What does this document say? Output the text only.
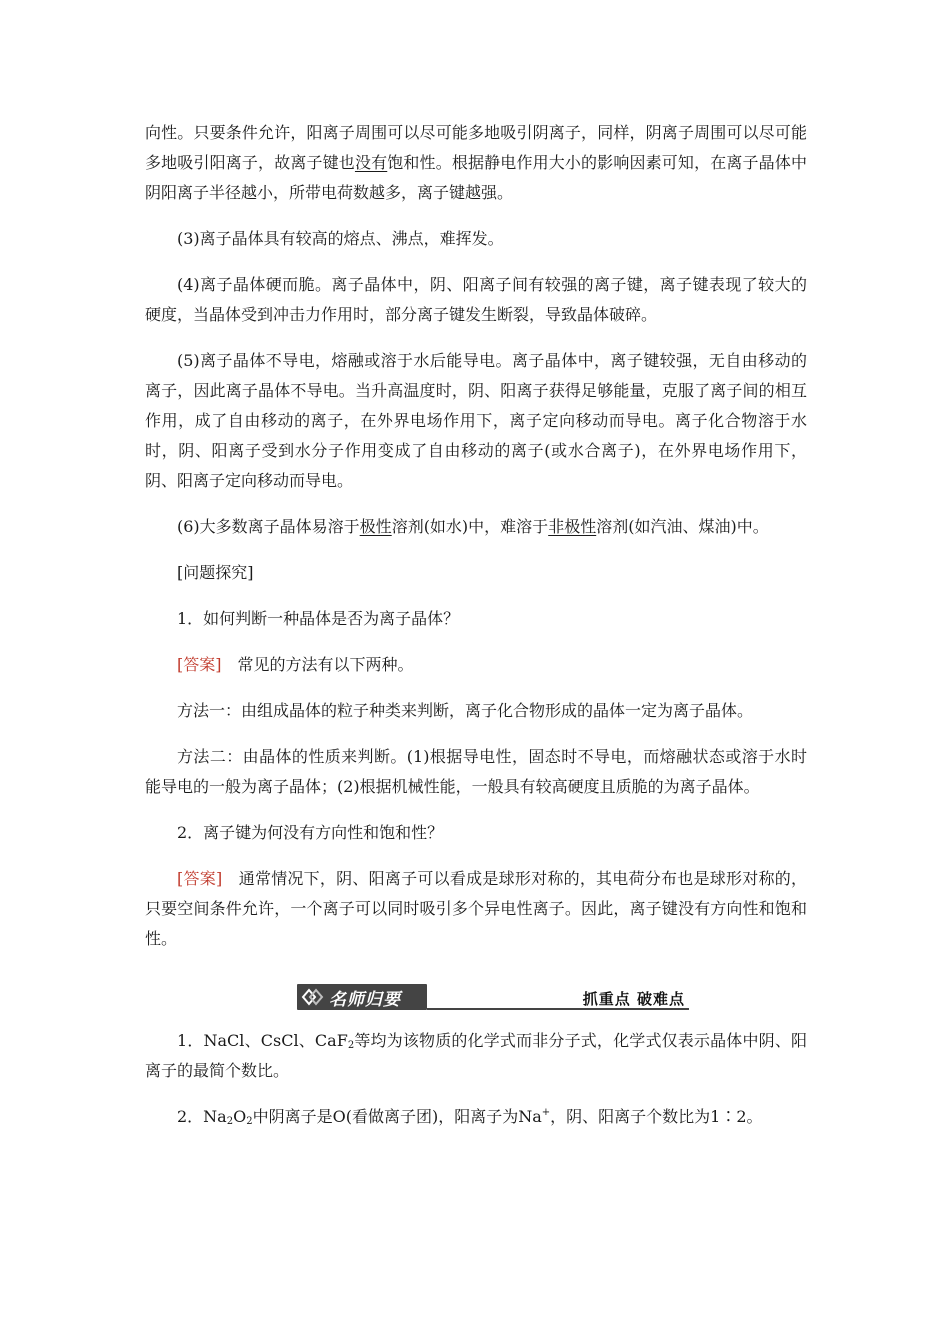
向性。只要条件允许，阳离子周围可以尽可能多地吸引阴离子，同样，阴离子周围可以尽可能多地吸引阳离子，故离子键也没有饱和性。根据静电作用大小的影响因素可知，在离子晶体中阴阳离子半径越小，所带电荷数越多，离子键越强。

(3)离子晶体具有较高的熔点、沸点，难挥发。

(4)离子晶体硬而脆。离子晶体中，阴、阳离子间有较强的离子键，离子键表现了较大的硬度，当晶体受到冲击力作用时，部分离子键发生断裂，导致晶体破碎。

(5)离子晶体不导电，熔融或溶于水后能导电。离子晶体中，离子键较强，无自由移动的离子，因此离子晶体不导电。当升高温度时，阴、阳离子获得足够能量，克服了离子间的相互作用，成了自由移动的离子，在外界电场作用下，离子定向移动而导电。离子化合物溶于水时，阴、阳离子受到水分子作用变成了自由移动的离子(或水合离子)，在外界电场作用下，阴、阳离子定向移动而导电。

(6)大多数离子晶体易溶于极性溶剂(如水)中，难溶于非极性溶剂(如汽油、煤油)中。

[问题探究]

1．如何判断一种晶体是否为离子晶体？

[答案]　常见的方法有以下两种。

方法一：由组成晶体的粒子种类来判断，离子化合物形成的晶体一定为离子晶体。

方法二：由晶体的性质来判断。(1)根据导电性，固态时不导电，而熔融状态或溶于水时能导电的一般为离子晶体；(2)根据机械性能，一般具有较高硬度且质脆的为离子晶体。

2．离子键为何没有方向性和饱和性？

[答案]　通常情况下，阴、阳离子可以看成是球形对称的，其电荷分布也是球形对称的，只要空间条件允许，一个离子可以同时吸引多个异电性离子。因此，离子键没有方向性和饱和性。

名师归要	抓重点 破难点

1．NaCl、CsCl、CaF$_2$等均为该物质的化学式而非分子式，化学式仅表示晶体中阴、阳离子的最简个数比。

2．$Na_2O_2$中阴离子是O(看做离子团)，阳离子为Na+，阴、阳离子个数比为1∶2。
